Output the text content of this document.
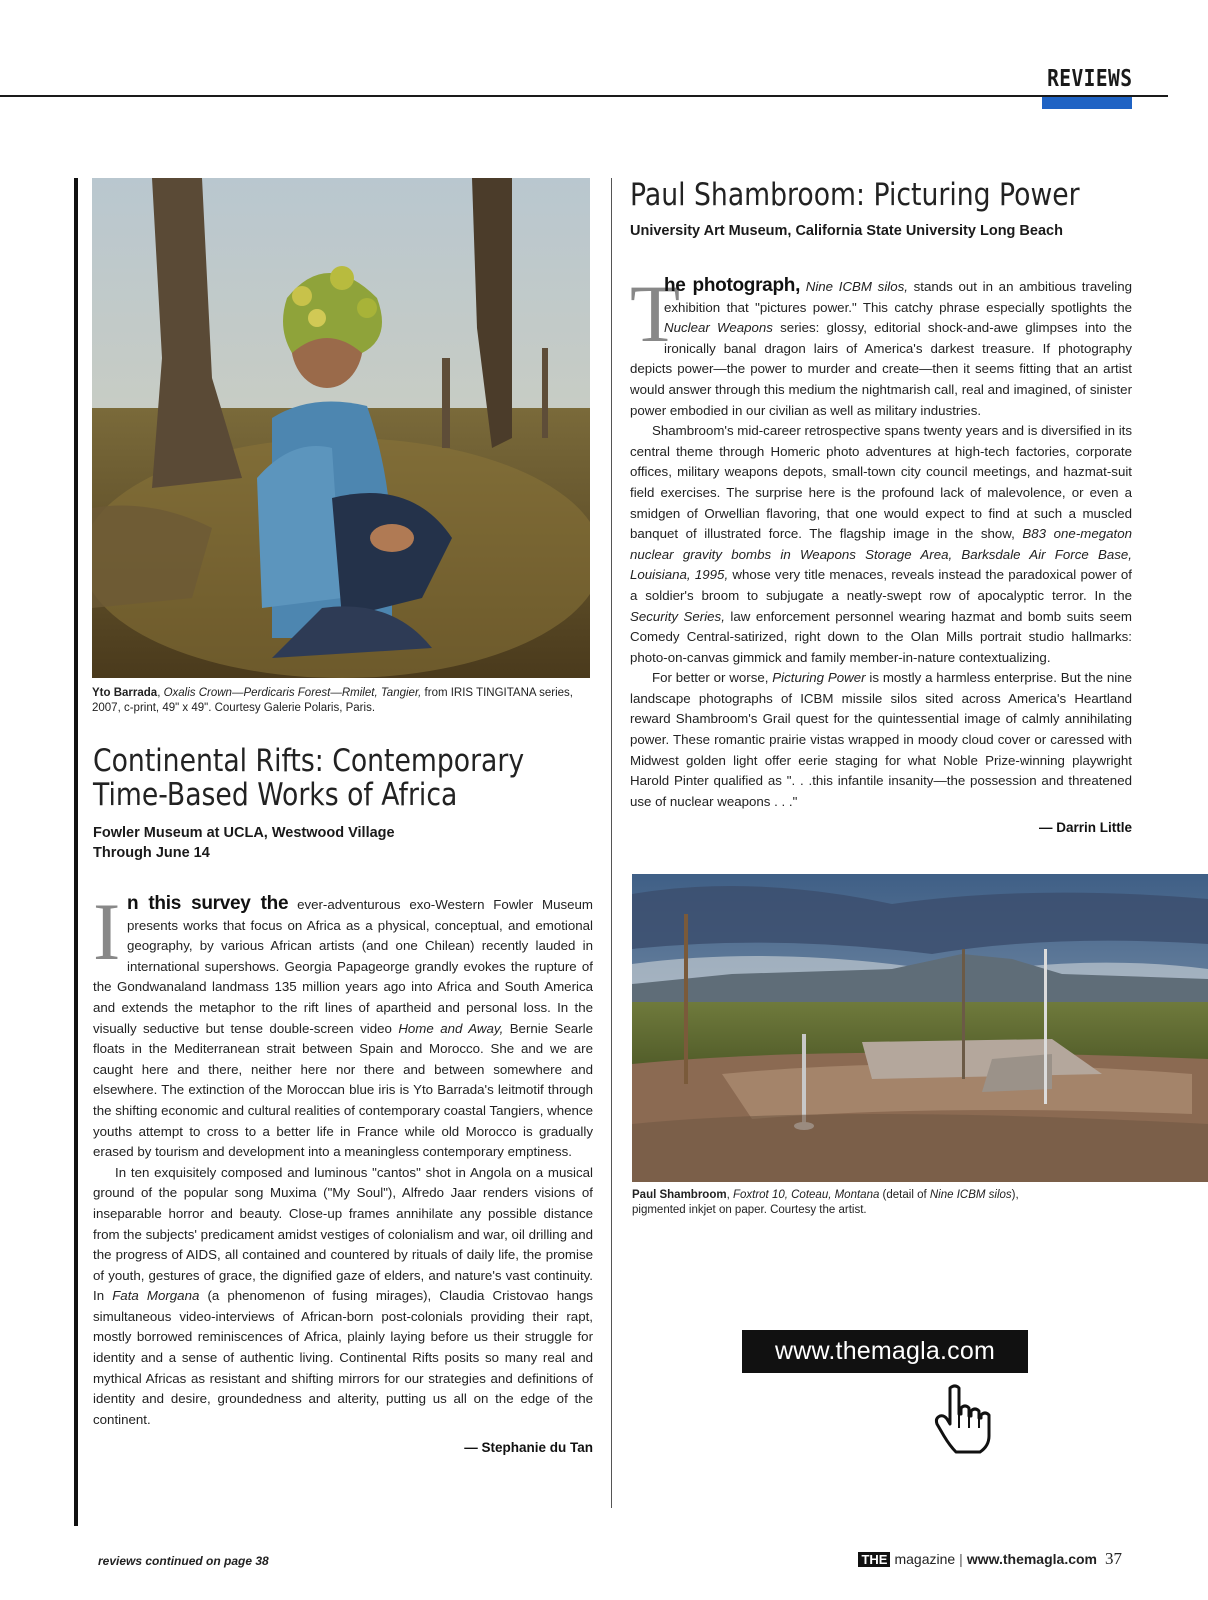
REVIEWS
Yto Barrada, Oxalis Crown—Perdicaris Forest—Rmilet, Tangier, from IRIS TINGITANA series, 2007, c-print, 49" x 49". Courtesy Galerie Polaris, Paris.
Continental Rifts: Contemporary
Time-Based Works of Africa
Fowler Museum at UCLA, Westwood Village
Through June 14

In this survey the ever-adventurous exo-Western Fowler Museum presents works that focus on Africa as a physical, conceptual, and emotional geography, by various African artists (and one Chilean) recently lauded in international supershows. Georgia Papageorge grandly evokes the rupture of the Gondwanaland landmass 135 million years ago into Africa and South America and extends the metaphor to the rift lines of apartheid and personal loss. In the visually seductive but tense double-screen video Home and Away, Bernie Searle floats in the Mediterranean strait between Spain and Morocco. She and we are caught here and there, neither here nor there and between somewhere and elsewhere. The extinction of the Moroccan blue iris is Yto Barrada's leitmotif through the shifting economic and cultural realities of contemporary coastal Tangiers, whence youths attempt to cross to a better life in France while old Morocco is gradually erased by tourism and development into a meaningless contemporary emptiness.

In ten exquisitely composed and luminous "cantos" shot in Angola on a musical ground of the popular song Muxima ("My Soul"), Alfredo Jaar renders visions of inseparable horror and beauty. Close-up frames annihilate any possible distance from the subjects' predicament amidst vestiges of colonialism and war, oil drilling and the progress of AIDS, all contained and countered by rituals of daily life, the promise of youth, gestures of grace, the dignified gaze of elders, and nature's vast continuity. In Fata Morgana (a phenomenon of fusing mirages), Claudia Cristovao hangs simultaneous video-interviews of African-born post-colonials providing their rapt, mostly borrowed reminiscences of Africa, plainly laying before us their struggle for identity and a sense of authentic living. Continental Rifts posits so many real and mythical Africas as resistant and shifting mirrors for our strategies and definitions of identity and desire, groundedness and alterity, putting us all on the edge of the continent.

— Stephanie du Tan
Paul Shambroom: Picturing Power
University Art Museum, California State University Long Beach

T
he photograph, Nine ICBM silos, stands out in an ambitious traveling exhibition that "pictures power." This catchy phrase especially spotlights the Nuclear Weapons series: glossy, editorial shock-and-awe glimpses into the ironically banal dragon lairs of America's darkest treasure. If photography depicts power—the power to murder and create—then it seems fitting that an artist would answer through this medium the nightmarish call, real and imagined, of sinister power embodied in our civilian as well as military industries.

Shambroom's mid-career retrospective spans twenty years and is diversified in its central theme through Homeric photo adventures at high-tech factories, corporate offices, military weapons depots, small-town city council meetings, and hazmat-suit field exercises. The surprise here is the profound lack of malevolence, or even a smidgen of Orwellian flavoring, that one would expect to find at such a muscled banquet of illustrated force. The flagship image in the show, B83 one-megaton nuclear gravity bombs in Weapons Storage Area, Barksdale Air Force Base, Louisiana, 1995, whose very title menaces, reveals instead the paradoxical power of a soldier's broom to subjugate a neatly-swept row of apocalyptic terror. In the Security Series, law enforcement personnel wearing hazmat and bomb suits seem Comedy Central-satirized, right down to the Olan Mills portrait studio hallmarks: photo-on-canvas gimmick and family member-in-nature contextualizing.

For better or worse, Picturing Power is mostly a harmless enterprise. But the nine landscape photographs of ICBM missile silos sited across America's Heartland reward Shambroom's Grail quest for the quintessential image of calmly annihilating power. These romantic prairie vistas wrapped in moody cloud cover or caressed with Midwest golden light offer eerie staging for what Noble Prize-winning playwright Harold Pinter qualified as ". . .this infantile insanity—the possession and threatened use of nuclear weapons . . ."

— Darrin Little
Paul Shambroom, Foxtrot 10, Coteau, Montana (detail of Nine ICBM silos), pigmented inkjet on paper. Courtesy the artist.
www.themagla.com
reviews continued on page 38	THE magazine | www.themagla.com 37
